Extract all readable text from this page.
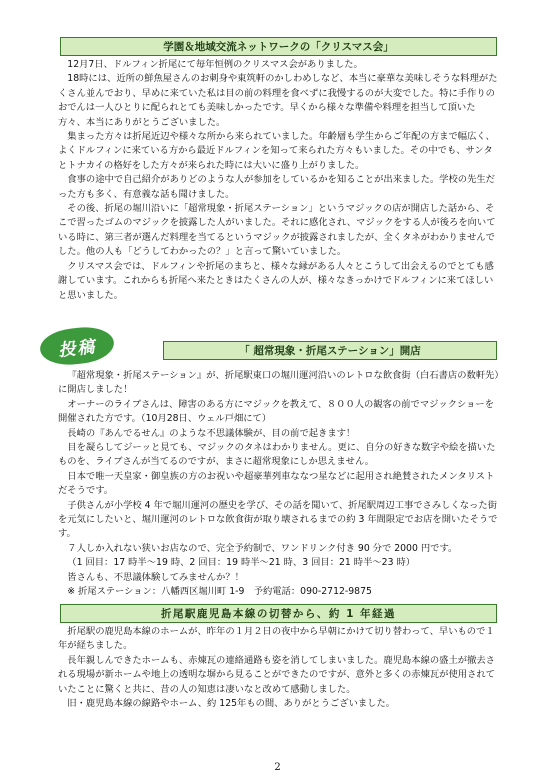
学園＆地域交流ネットワークの「クリスマス会」

12月7日、ドルフィン折尾にて毎年恒例のクリスマス会がありました。

18時には、近所の鮮魚屋さんのお刺身や東筑軒のかしわめしなど、本当に豪華な美味しそうな料理がたくさん並んでおり、早めに来ていた私は目の前の料理を食べずに我慢するのが大変でした。特に手作りのおでんは一人ひとりに配られとても美味しかったです。早くから様々な準備や料理を担当して頂いた方々、本当にありがとうございました。

集まった方々は折尾近辺や様々な所から来られていました。年齢層も学生からご年配の方まで幅広く、よくドルフィンに来ている方から最近ドルフィンを知って来られた方々もいました。その中でも、サンタとトナカイの格好をした方々が来られた時には大いに盛り上がりました。

食事の途中で自己紹介がありどのような人が参加をしているかを知ることが出来ました。学校の先生だった方も多く、有意義な話も聞けました。

その後、折尾の堀川沿いに「超常現象・折尾ステーション」というマジックの店が開店した話から、そこで習ったゴムのマジックを披露した人がいました。それに感化され、マジックをする人が後ろを向いている時に、第三者が選んだ料理を当てるというマジックが披露されましたが、全くタネがわかりませんでした。他の人も「どうしてわかったの？」と言って驚いていました。

クリスマス会では、ドルフィンや折尾のまちと、様々な縁がある人々とこうして出会えるのでとても感謝しています。これからも折尾へ来たときはたくさんの人が、様々なきっかけでドルフィンに来てほしいと思いました。

投稿	「 超常現象・折尾ステーション」開店

『超常現象・折尾ステーション』が、折尾駅東口の堀川運河沿いのレトロな飲食街（白石書店の数軒先）に開店しました！

オーナーのライブさんは、障害のある方にマジックを教えて、８００人の観客の前でマジックショーを開催された方です。（10月28日、ウェル戸畑にて）

長崎の『あんでるせん』のような不思議体験が、目の前で起きます！

目を凝らしてジーッと見ても、マジックのタネはわかりません。更に、自分の好きな数字や絵を描いたものを、ライブさんが当てるのですが、まさに超常現象にしか思えません。

日本で唯一天皇家・御皇族の方のお祝いや超豪華列車ななつ星などに起用され絶賛されたメンタリストだそうです。

子供さんが小学校 4 年で堀川運河の歴史を学び、その話を聞いて、折尾駅周辺工事でさみしくなった街を元気にしたいと、堀川運河のレトロな飲食街が取り壊されるまでの約 3 年間限定でお店を開いたそうです。

７人しか入れない狭いお店なので、完全予約制で、ワンドリンク付き 90 分で 2000 円です。

（1 回目：17 時半～19 時、2 回目：19 時半～21 時、3 回目：21 時半～23 時）

皆さんも、不思議体験してみませんか？！

※ 折尾ステーション：八幡西区堀川町 1-9　予約電話：090-2712-9875

折尾駅鹿児島本線の切替から、約 1 年経過

折尾駅の鹿児島本線のホームが、昨年の１月２日の夜中から早朝にかけて切り替わって、早いもので１年が経ちました。

長年親しんできたホームも、赤煉瓦の連絡通路も姿を消してしまいました。鹿児島本線の盛土が撤去される現場が新ホームや地上の透明な塀から見ることができたのですが、意外と多くの赤煉瓦が使用されていたことに驚くと共に、昔の人の知恵は凄いなと改めて感動しました。

旧・鹿児島本線の線路やホーム、約 125年もの間、ありがとうございました。

2
